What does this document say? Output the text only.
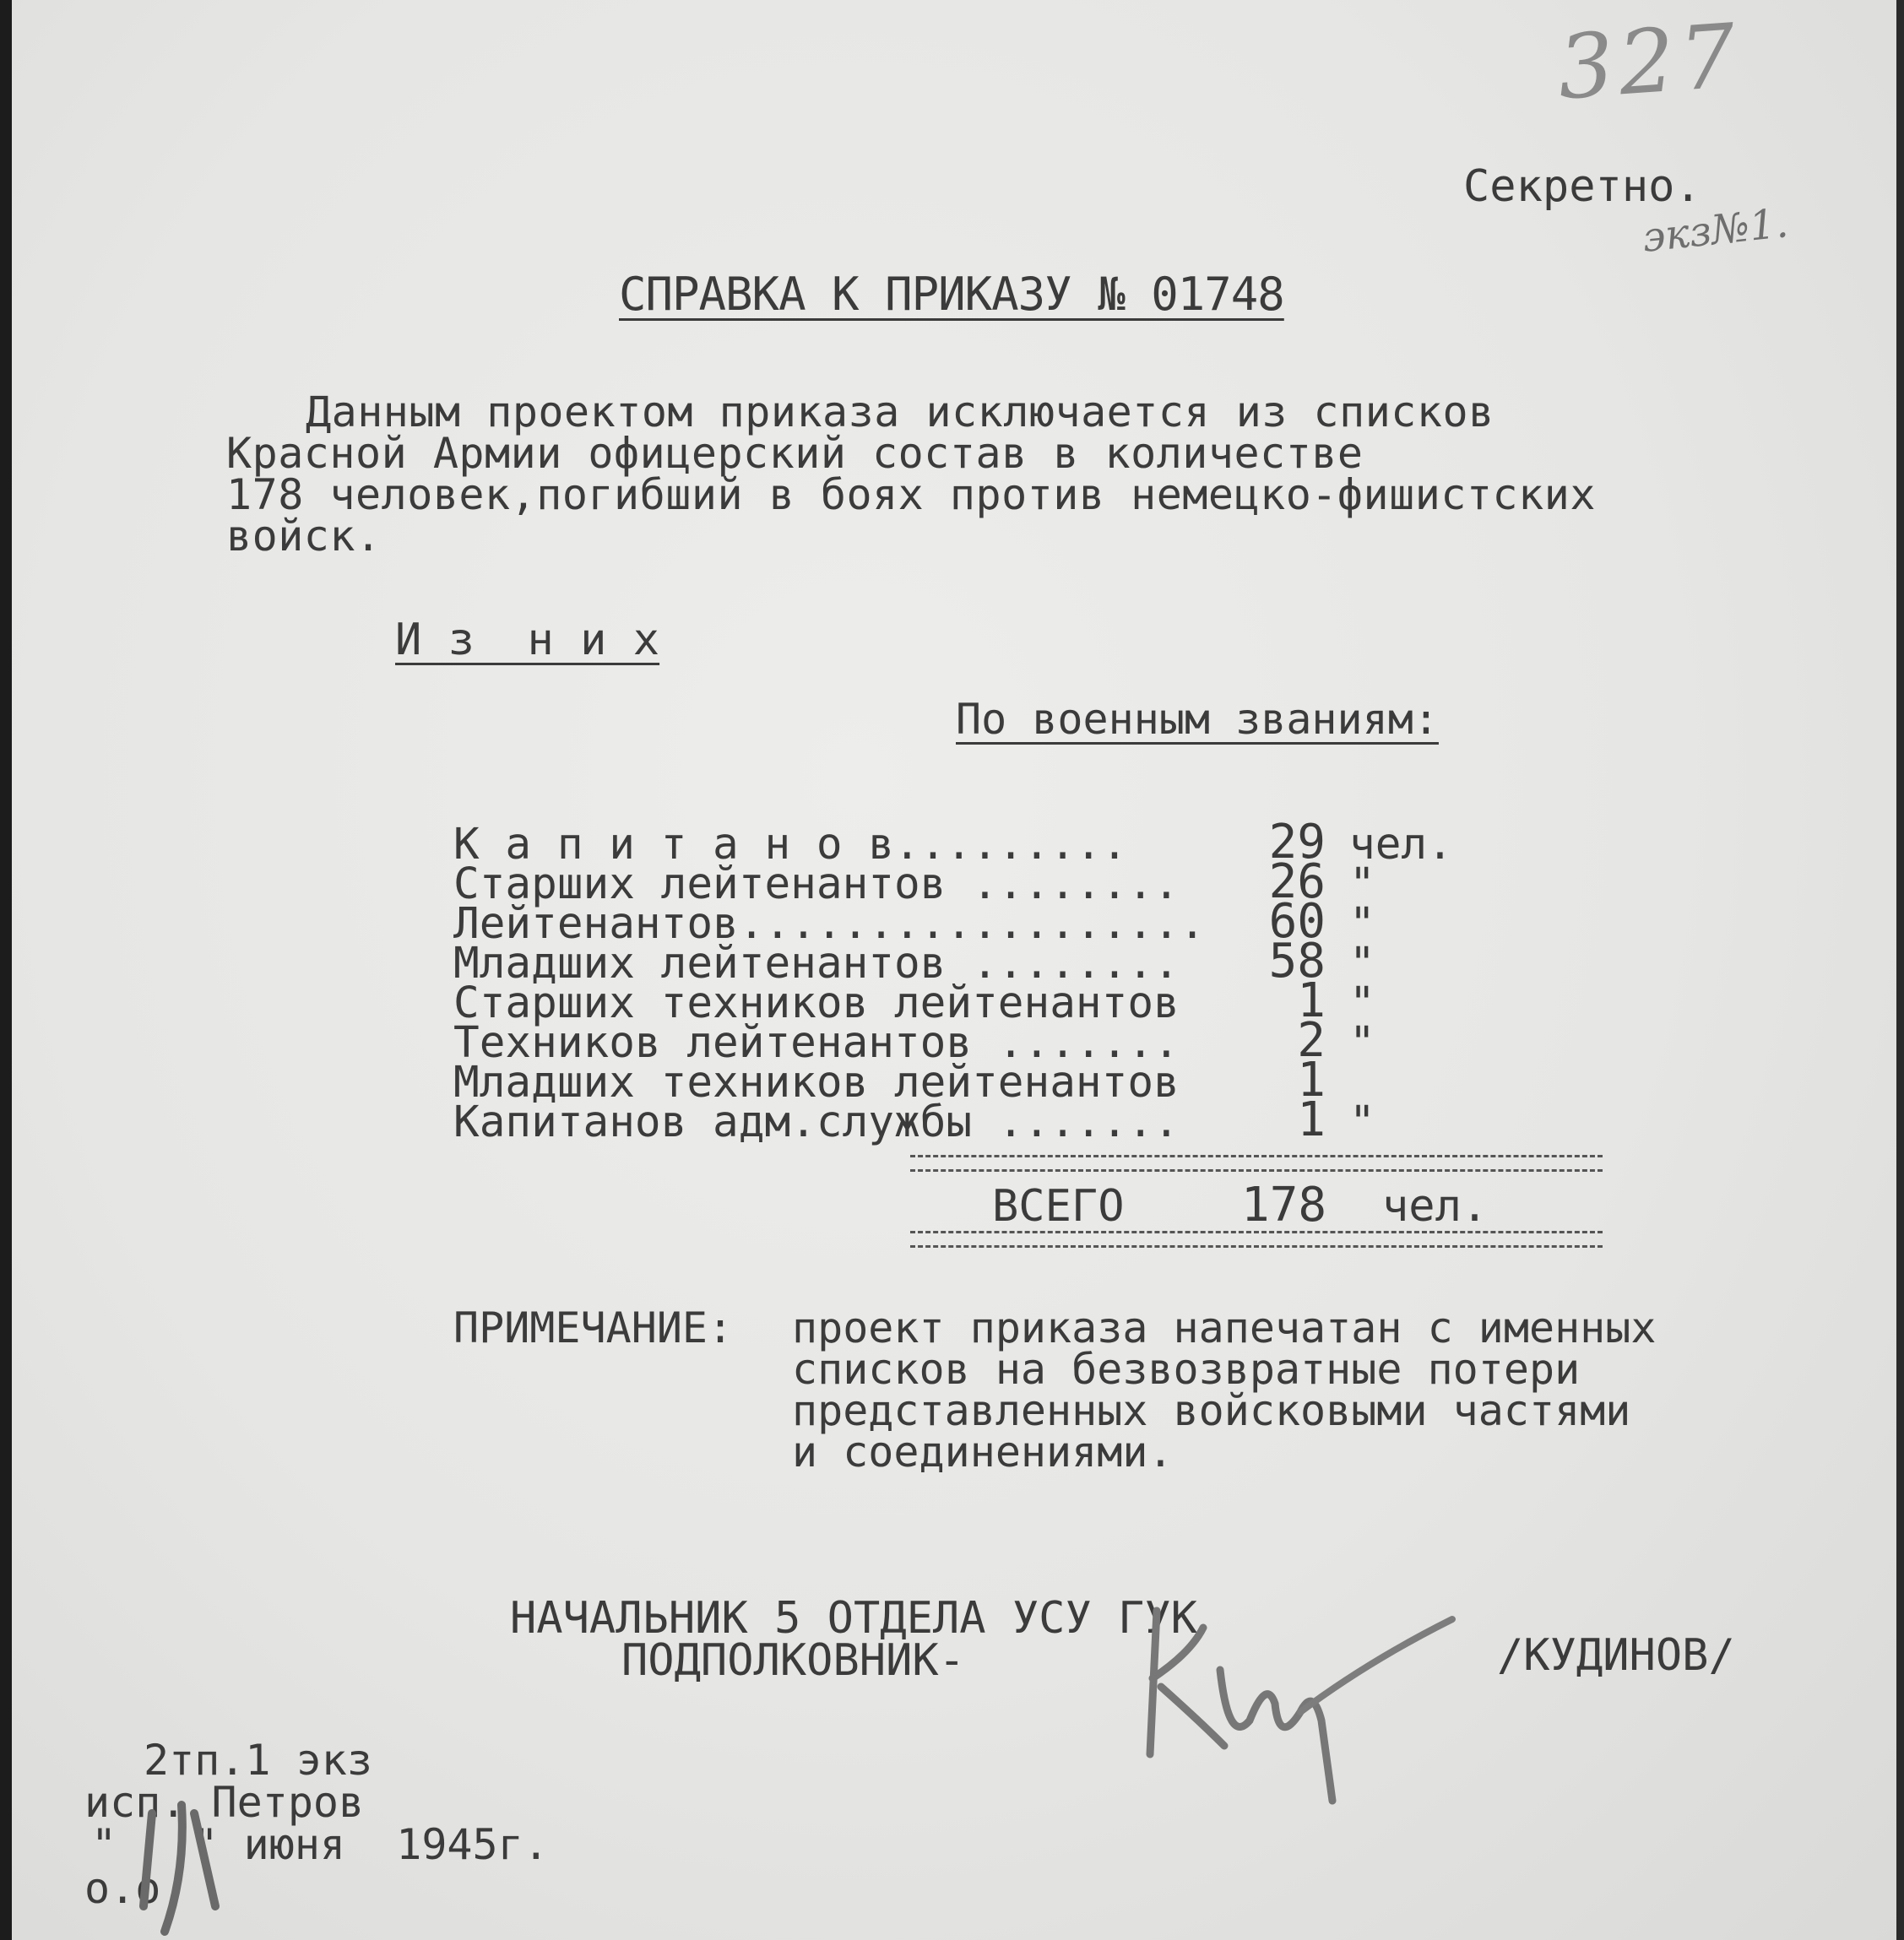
327
Секретно.
экз№1.
СПРАВКА К ПРИКАЗУ № 01748
Данным проектом приказа исключается из списков
Красной Армии офицерский состав в количестве
178 человек,погибший в боях против немецко-фишистских
войск.
И з  н и х
По военным званиям:
К а п и т а н о в.........
Старших лейтенантов ........
Лейтенантов..................
Младших лейтенантов ........
Старших техников лейтенантов
Техников лейтенантов .......
Младших техников лейтенантов
Капитанов адм.службы .......
29
26
60
58
1
2
1
1
чел.
"
"
"
"
"
"
ВСЕГО 178 чел.
ПРИМЕЧАНИЕ: проект приказа напечатан с именных
списков на безвозвратные потери
представленных войсковыми частями
и соединениями.
НАЧАЛЬНИК 5 ОТДЕЛА УСУ ГУК
ПОДПОЛКОВНИК-	/КУДИНОВ/
2тп.1 экз
исп. Петров
"   " июня  1945г.
о.о.
